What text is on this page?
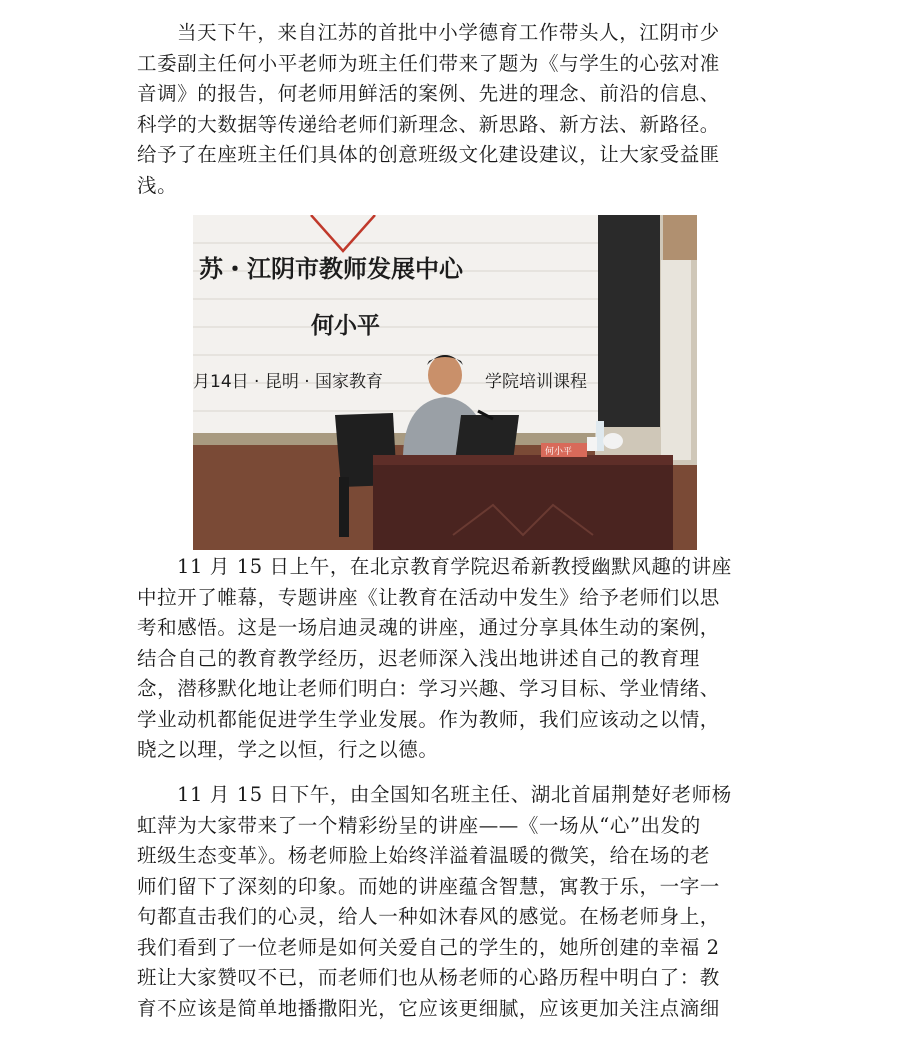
当天下午，来自江苏的首批中小学德育工作带头人，江阴市少
工委副主任何小平老师为班主任们带来了题为《与学生的心弦对准
音调》的报告，何老师用鲜活的案例、先进的理念、前沿的信息、
科学的大数据等传递给老师们新理念、新思路、新方法、新路径。
给予了在座班主任们具体的创意班级文化建设建议，让大家受益匪
浅。

苏・江阴市教师发展中心
何小平
月14日 · 昆明 · 国家教育	学院培训课程
何小平

11 月 15 日上午，在北京教育学院迟希新教授幽默风趣的讲座
中拉开了帷幕，专题讲座《让教育在活动中发生》给予老师们以思
考和感悟。这是一场启迪灵魂的讲座，通过分享具体生动的案例，
结合自己的教育教学经历，迟老师深入浅出地讲述自己的教育理
念，潜移默化地让老师们明白：学习兴趣、学习目标、学业情绪、
学业动机都能促进学生学业发展。作为教师，我们应该动之以情，
晓之以理，学之以恒，行之以德。

11 月 15 日下午，由全国知名班主任、湖北首届荆楚好老师杨
虹萍为大家带来了一个精彩纷呈的讲座——《一场从“心”出发的
班级生态变革》。杨老师脸上始终洋溢着温暖的微笑，给在场的老
师们留下了深刻的印象。而她的讲座蕴含智慧，寓教于乐，一字一
句都直击我们的心灵，给人一种如沐春风的感觉。在杨老师身上，
我们看到了一位老师是如何关爱自己的学生的，她所创建的幸福 2
班让大家赞叹不已，而老师们也从杨老师的心路历程中明白了：教
育不应该是简单地播撒阳光，它应该更细腻，应该更加关注点滴细
